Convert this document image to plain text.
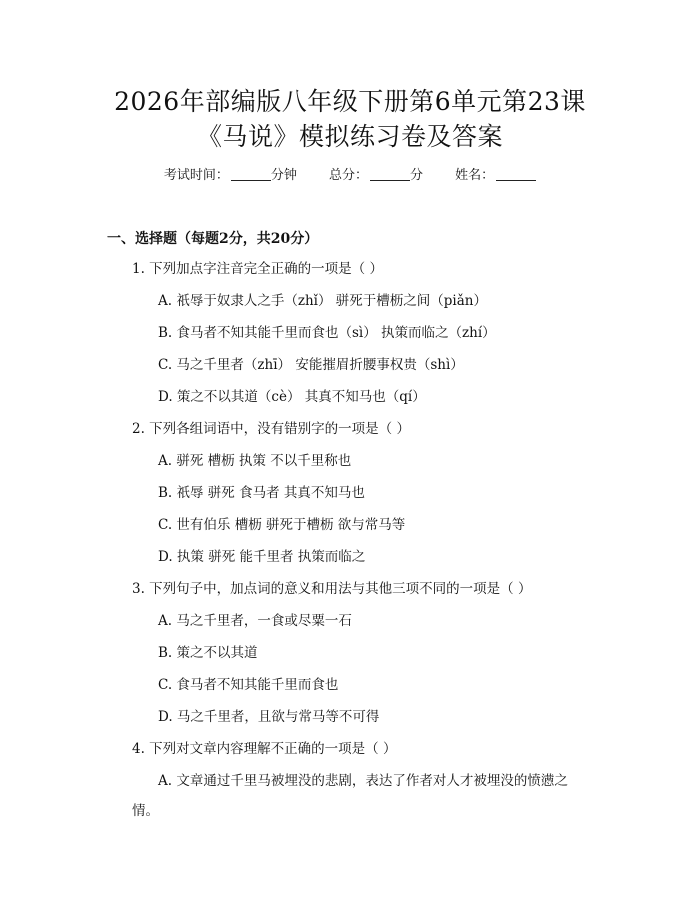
2026年部编版八年级下册第6单元第23课
《马说》模拟练习卷及答案
考试时间：	分钟 总分：	分 姓名：
一、选择题（每题2分，共20分）
1. 下列加点字注音完全正确的一项是（ ）
A. 祇辱于奴隶人之手（zhǐ） 骈死于槽枥之间（piǎn）
B. 食马者不知其能千里而食也（sì） 执策而临之（zhí）
C. 马之千里者（zhī） 安能摧眉折腰事权贵（shì）
D. 策之不以其道（cè） 其真不知马也（qí）
2. 下列各组词语中，没有错别字的一项是（ ）
A. 骈死 槽枥 执策 不以千里称也
B. 祇辱 骈死 食马者 其真不知马也
C. 世有伯乐 槽枥 骈死于槽枥 欲与常马等
D. 执策 骈死 能千里者 执策而临之
3. 下列句子中，加点词的意义和用法与其他三项不同的一项是（ ）
A. 马之千里者，一食或尽粟一石
B. 策之不以其道
C. 食马者不知其能千里而食也
D. 马之千里者，且欲与常马等不可得
4. 下列对文章内容理解不正确的一项是（ ）
A. 文章通过千里马被埋没的悲剧，表达了作者对人才被埋没的愤懑之情。
